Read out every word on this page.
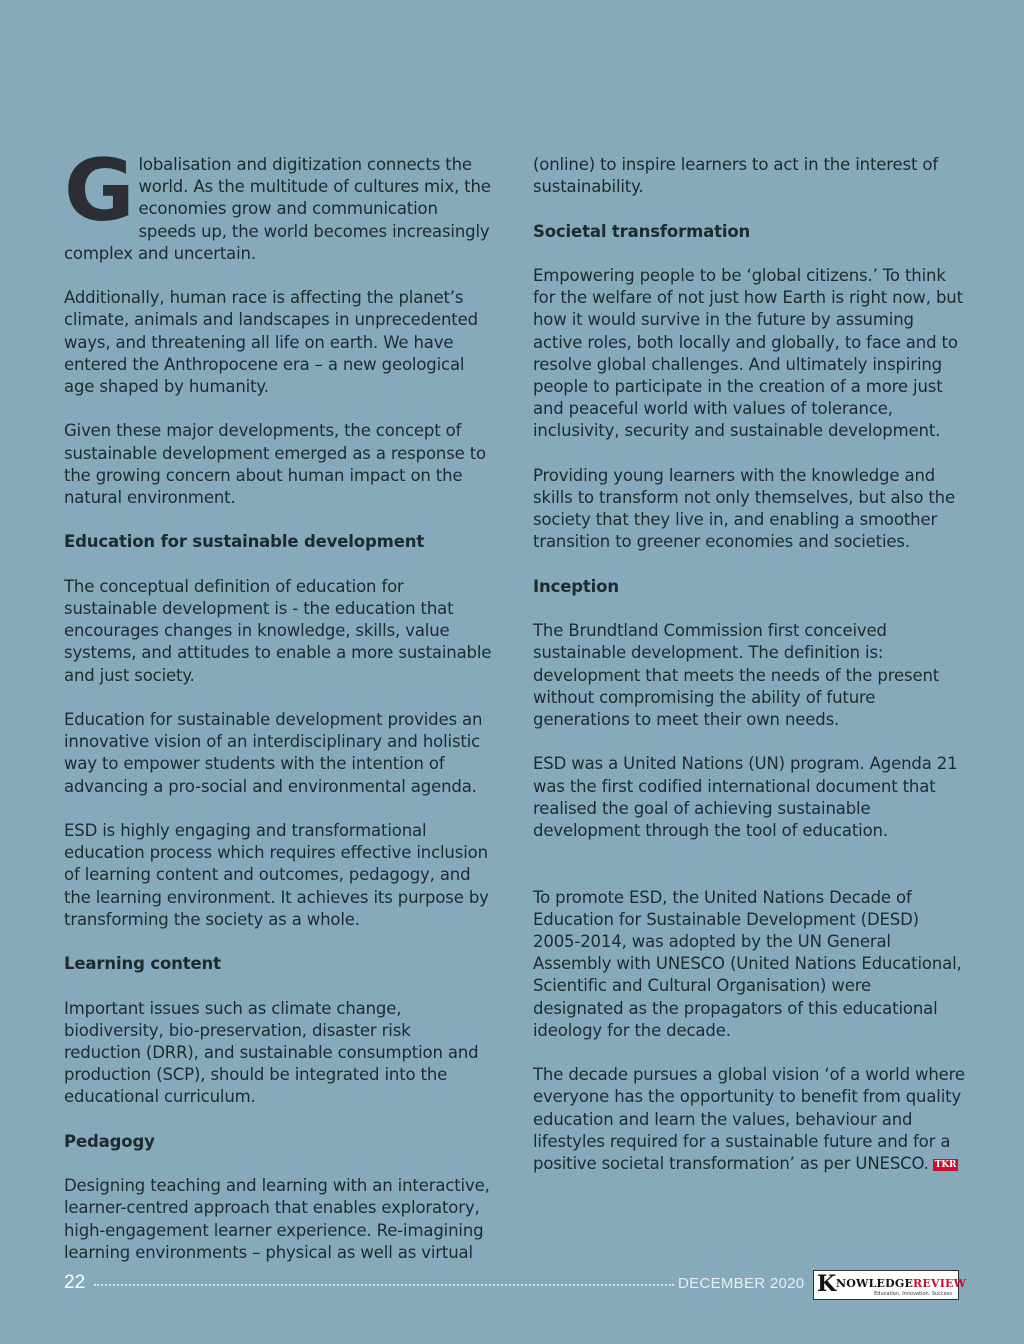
Globalisation and digitization connects the world. As the multitude of cultures mix, the economies grow and communication speeds up, the world becomes increasingly complex and uncertain.

Additionally, human race is affecting the planet’s climate, animals and landscapes in unprecedented ways, and threatening all life on earth. We have entered the Anthropocene era – a new geological age shaped by humanity.

Given these major developments, the concept of sustainable development emerged as a response to the growing concern about human impact on the natural environment.

Education for sustainable development

The conceptual definition of education for sustainable development is - the education that encourages changes in knowledge, skills, value systems, and attitudes to enable a more sustainable and just society.

Education for sustainable development provides an innovative vision of an interdisciplinary and holistic way to empower students with the intention of advancing a pro-social and environmental agenda.

ESD is highly engaging and transformational education process which requires effective inclusion of learning content and outcomes, pedagogy, and the learning environment. It achieves its purpose by transforming the society as a whole.

Learning content

Important issues such as climate change, biodiversity, bio-preservation, disaster risk reduction (DRR), and sustainable consumption and production (SCP), should be integrated into the educational curriculum.

Pedagogy

Designing teaching and learning with an interactive, learner-centred approach that enables exploratory, high-engagement learner experience. Re-imagining learning environments – physical as well as virtual

(online) to inspire learners to act in the interest of sustainability.

Societal transformation

Empowering people to be ‘global citizens.’ To think for the welfare of not just how Earth is right now, but how it would survive in the future by assuming active roles, both locally and globally, to face and to resolve global challenges. And ultimately inspiring people to participate in the creation of a more just and peaceful world with values of tolerance, inclusivity, security and sustainable development.

Providing young learners with the knowledge and skills to transform not only themselves, but also the society that they live in, and enabling a smoother transition to greener economies and societies.

Inception

The Brundtland Commission first conceived sustainable development. The definition is: development that meets the needs of the present without compromising the ability of future generations to meet their own needs.

ESD was a United Nations (UN) program. Agenda 21 was the first codified international document that realised the goal of achieving sustainable development through the tool of education.

To promote ESD, the United Nations Decade of Education for Sustainable Development (DESD) 2005-2014, was adopted by the UN General Assembly with UNESCO (United Nations Educational, Scientific and Cultural Organisation) were designated as the propagators of this educational ideology for the decade.

The decade pursues a global vision ‘of a world where everyone has the opportunity to benefit from quality education and learn the values, behaviour and lifestyles required for a sustainable future and for a positive societal transformation’ as per UNESCO. TKR

22	DECEMBER 2020 K NOWLEDGEREVIEW
Education. Innovation. Success
